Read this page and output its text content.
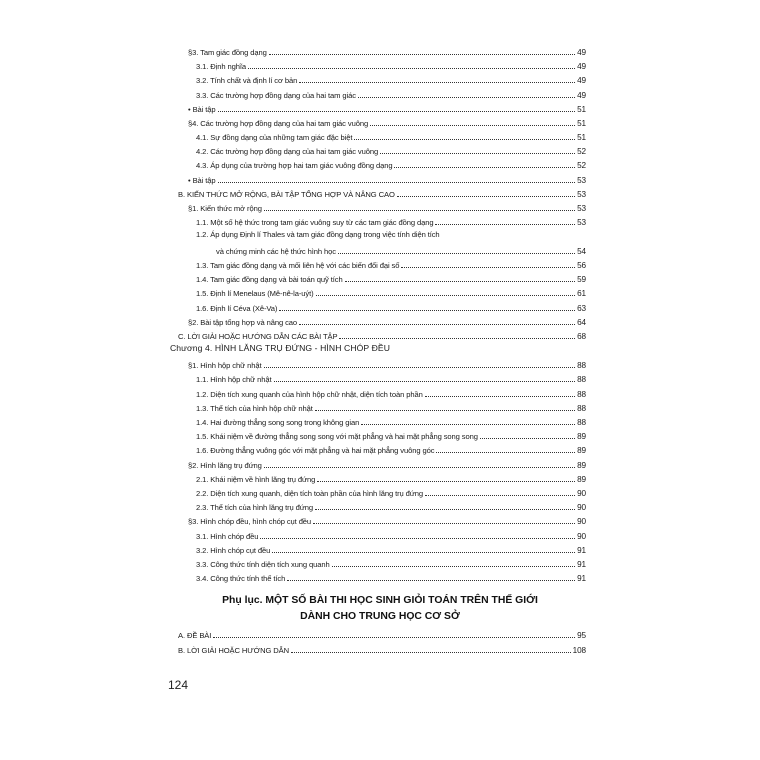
§3. Tam giác đồng dạng	49
3.1. Định nghĩa	49
3.2. Tính chất và định lí cơ bản	49
3.3. Các trường hợp đồng dạng của hai tam giác	49
• Bài tập	51
§4. Các trường hợp đồng dạng của hai tam giác vuông	51
4.1. Sự đồng dạng của những tam giác đặc biệt	51
4.2. Các trường hợp đồng dạng của hai tam giác vuông	52
4.3. Áp dụng của trường hợp hai tam giác vuông đồng dạng	52
• Bài tập	53
B. KIẾN THỨC MỞ RỘNG, BÀI TẬP TỔNG HỢP VÀ NÂNG CAO	53
§1. Kiến thức mở rộng	53
1.1. Một số hệ thức trong tam giác vuông suy từ các tam giác đồng dạng	53
1.2. Áp dụng Định lí Thales và tam giác đồng dạng trong việc tính diện tích
và chứng minh các hệ thức hình học	54
1.3. Tam giác đồng dạng và mối liên hệ với các biến đổi đại số	56
1.4. Tam giác đồng dạng và bài toán quỹ tích	59
1.5. Định lí Menelaus (Mê-nê-la-uýt)	61
1.6. Định lí Céva (Xê-Va)	63
§2. Bài tập tổng hợp và nâng cao	64
C. LỜI GIẢI HOẶC HƯỚNG DẪN CÁC BÀI TẬP	68
Chương 4. HÌNH LĂNG TRỤ ĐỨNG - HÌNH CHÓP ĐỀU
§1. Hình hộp chữ nhật	88
1.1. Hình hộp chữ nhật	88
1.2. Diện tích xung quanh của hình hộp chữ nhật, diện tích toàn phần	88
1.3. Thể tích của hình hộp chữ nhật	88
1.4. Hai đường thẳng song song trong không gian	88
1.5. Khái niệm về đường thẳng song song với mặt phẳng và hai mặt phẳng song song	89
1.6. Đường thẳng vuông góc với mặt phẳng và hai mặt phẳng vuông góc	89
§2. Hình lăng trụ đứng	89
2.1. Khái niệm về hình lăng trụ đứng	89
2.2. Diện tích xung quanh, diện tích toàn phần của hình lăng trụ đứng	90
2.3. Thể tích của hình lăng trụ đứng	90
§3. Hình chóp đều, hình chóp cụt đều	90
3.1. Hình chóp đều	90
3.2. Hình chóp cụt đều	91
3.3. Công thức tính diện tích xung quanh	91
3.4. Công thức tính thể tích	91
Phụ lục. MỘT SỐ BÀI THI HỌC SINH GIỎI TOÁN TRÊN THẾ GIỚI
DÀNH CHO TRUNG HỌC CƠ SỞ
A. ĐỀ BÀI	95
B. LỜI GIẢI HOẶC HƯỚNG DẪN	108
124
